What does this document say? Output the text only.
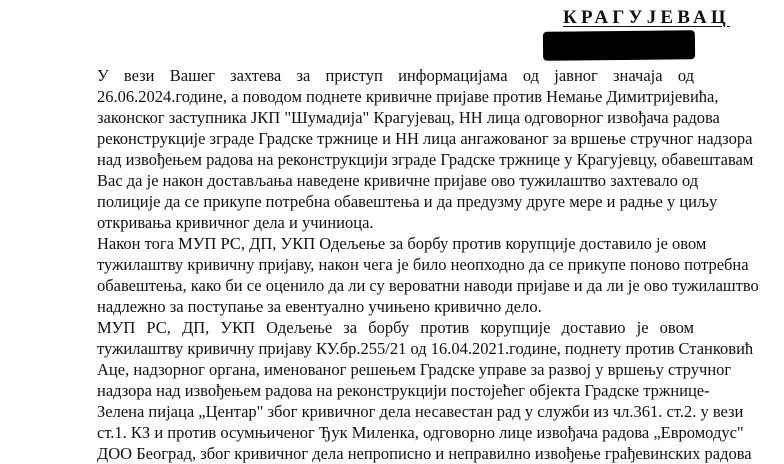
КРАГУЈЕВАЦ
У вези Вашег захтева за приступ информацијама од јавног значаја од
26.06.2024.године, а поводом поднете кривичне пријаве против Немање Димитријевића,
законског заступника ЈКП "Шумадија" Крагујевац, НН лица одговорног извођача радова
реконструкције зграде Градске тржнице и НН лица ангажованог за вршење стручног надзора
над извођењем радова на реконструкцији зграде Градске тржнице у Крагујевцу, обавештавам
Вас да је након достављања наведене кривичне пријаве ово тужилаштво захтевало од
полиције да се прикупе потребна обавештења и да предузму друге мере и радње у циљу
откривања кривичног дела и учиниоца.
Након тога МУП РС, ДП, УКП Одељење за борбу против корупције доставило је овом
тужилаштву кривичну пријаву, након чега је било неопходно да се прикупе поново потребна
обавештења, како би се оценило да ли су вероватни наводи пријаве и да ли је ово тужилаштво
надлежно за поступање за евентуално учињено кривично дело.
МУП РС, ДП, УКП Одељење за борбу против корупције доставио је овом
тужилаштву кривичну пријаву КУ.бр.255/21 од 16.04.2021.године, поднету против Станковић
Аце, надзорног органа, именованог решењем Градске управе за развој у вршењу стручног
надзора над извођењем радова на реконструкцији постојећег објекта Градске тржнице-
Зелена пијаца „Центар" због кривичног дела несавестан рад у служби из чл.361. ст.2. у вези
ст.1. КЗ и против осумњиченог Ђук Миленка, одговорно лице извођача радова „Евромодус"
ДОО Београд, због кривичног дела непрописно и неправилно извођење грађевинских радова
